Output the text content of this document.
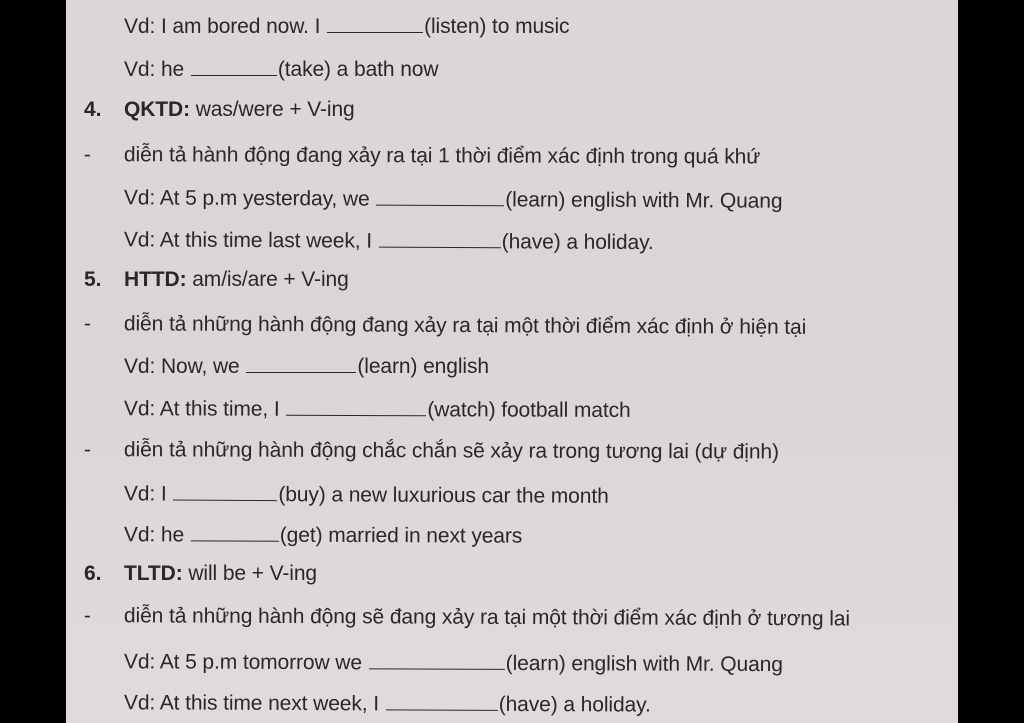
Vd: I am bored now. I	(listen) to music
Vd: he	(take) a bath now
4. QKTD: was/were + V-ing
- diễn tả hành động đang xảy ra tại 1 thời điểm xác định trong quá khứ
Vd: At 5 p.m yesterday, we	(learn) english with Mr. Quang
Vd: At this time last week, I	(have) a holiday.
5. HTTD: am/is/are + V-ing
- diễn tả những hành động đang xảy ra tại một thời điểm xác định ở hiện tại
Vd: Now, we	(learn) english
Vd: At this time, I	(watch) football match
- diễn tả những hành động chắc chắn sẽ xảy ra trong tương lai (dự định)
Vd: I	(buy) a new luxurious car the month
Vd: he	(get) married in next years
6. TLTD: will be + V-ing
- diễn tả những hành động sẽ đang xảy ra tại một thời điểm xác định ở tương lai
Vd: At 5 p.m tomorrow we	(learn) english with Mr. Quang
Vd: At this time next week, I	(have) a holiday.
